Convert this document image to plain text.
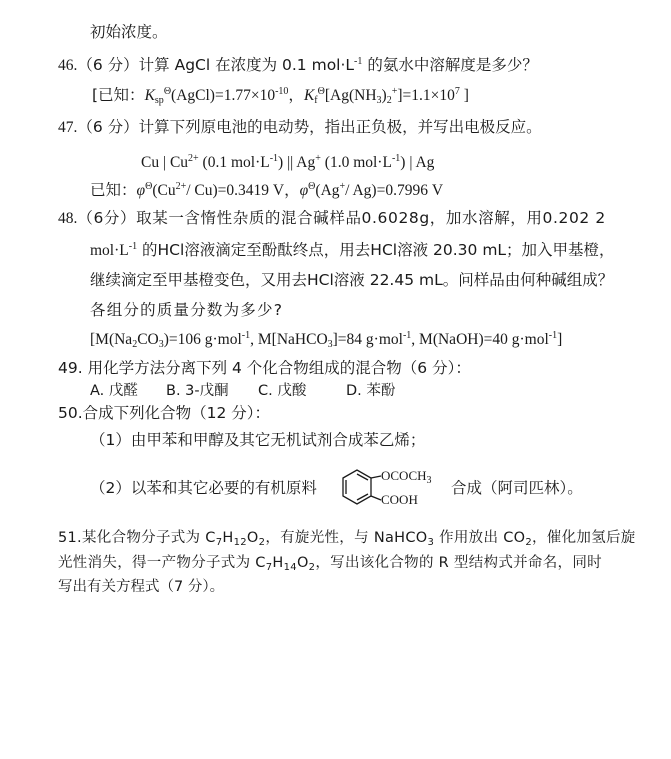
初始浓度。
46.（6 分）计算 AgCl 在浓度为 0.1 $mol\cdot L^{-1}$ 的氨水中溶解度是多少？
[已知：$K_{sp}^\Theta(AgCl)=1.77\times 10^{-10}$，$K_f^\Theta[Ag(NH_3)_2^+]=1.1\times 10^7$ ]
47.（6 分）计算下列原电池的电动势，指出正负极，并写出电极反应。
Cu | $Cu^{2+}$ (0.1 $mol\cdot L^{-1}$) || Ag+ (1.0 $mol\cdot L^{-1}$) | Ag
已知：$\varphi^\Theta(Cu^{2+}/$ Cu)=0.3419 V，$\varphi^\Theta(Ag^+/$ Ag)=0.7996 V
48.（6分）取某一含惰性杂质的混合碱样品0.6028g，加水溶解，用0.202 2
$mol\cdot L^{-1}$ 的HCl溶液滴定至酚酞终点，用去HCl溶液 20.30 mL；加入甲基橙，
继续滴定至甲基橙变色，又用去HCl溶液 22.45 mL。问样品由何种碱组成？
各组分的质量分数为多少?
[$M(Na_2CO_3)=106$ g·mol$^{-1}$, M[NaHCO$_3$]=84 g·mol$^{-1}$, M(NaOH)=40 g·mol$^{-1}$]
49. 用化学方法分离下列 4 个化合物组成的混合物（6 分）：
A. 戊醛 B. 3-戊酮 C. 戊酸	D. 苯酚
50.合成下列化合物（12 分）：
（1）由甲苯和甲醇及其它无机试剂合成苯乙烯；
（2）以苯和其它必要的有机原料
$OCOCH_3$
COOH
合成（阿司匹林）。
51.某化合物分子式为 $C_7H_{12}O_2$，有旋光性，与 NaHCO$_3$ 作用放出 $CO_2$，催化加氢后旋
光性消失，得一产物分子式为 $C_7H_{14}O_2$，写出该化合物的 R 型结构式并命名，同时
写出有关方程式（7 分）。
